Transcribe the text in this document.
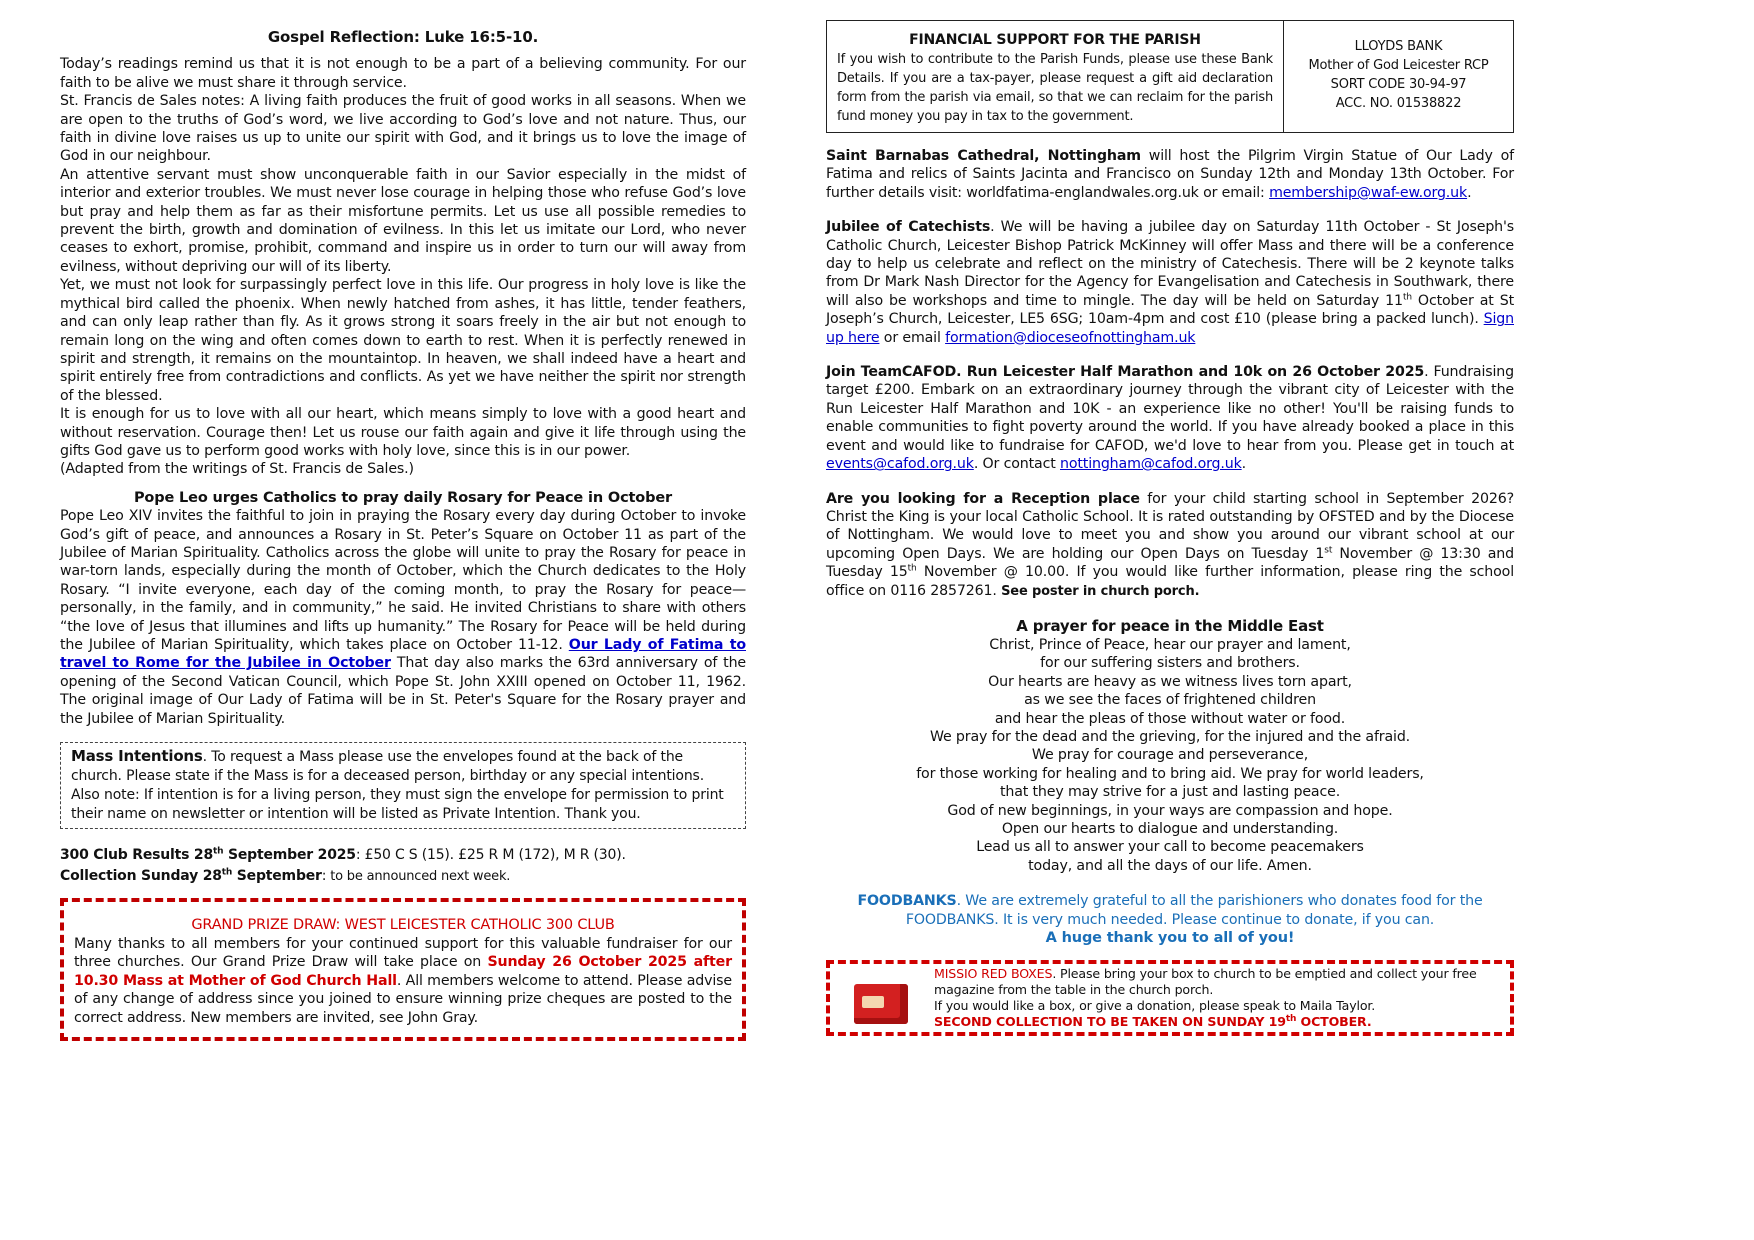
Gospel Reflection: Luke 16:5-10.

Today’s readings remind us that it is not enough to be a part of a believing community. For our faith to be alive we must share it through service.

St. Francis de Sales notes: A living faith produces the fruit of good works in all seasons. When we are open to the truths of God’s word, we live according to God’s love and not nature. Thus, our faith in divine love raises us up to unite our spirit with God, and it brings us to love the image of God in our neighbour.

An attentive servant must show unconquerable faith in our Savior especially in the midst of interior and exterior troubles. We must never lose courage in helping those who refuse God’s love but pray and help them as far as their misfortune permits. Let us use all possible remedies to prevent the birth, growth and domination of evilness. In this let us imitate our Lord, who never ceases to exhort, promise, prohibit, command and inspire us in order to turn our will away from evilness, without depriving our will of its liberty.

Yet, we must not look for surpassingly perfect love in this life. Our progress in holy love is like the mythical bird called the phoenix. When newly hatched from ashes, it has little, tender feathers, and can only leap rather than fly. As it grows strong it soars freely in the air but not enough to remain long on the wing and often comes down to earth to rest. When it is perfectly renewed in spirit and strength, it remains on the mountaintop. In heaven, we shall indeed have a heart and spirit entirely free from contradictions and conflicts. As yet we have neither the spirit nor strength of the blessed.

It is enough for us to love with all our heart, which means simply to love with a good heart and without reservation. Courage then! Let us rouse our faith again and give it life through using the gifts God gave us to perform good works with holy love, since this is in our power.

(Adapted from the writings of St. Francis de Sales.)

Pope Leo urges Catholics to pray daily Rosary for Peace in October

Pope Leo XIV invites the faithful to join in praying the Rosary every day during October to invoke God’s gift of peace, and announces a Rosary in St. Peter’s Square on October 11 as part of the Jubilee of Marian Spirituality. Catholics across the globe will unite to pray the Rosary for peace in war-torn lands, especially during the month of October, which the Church dedicates to the Holy Rosary. “I invite everyone, each day of the coming month, to pray the Rosary for peace—personally, in the family, and in community,” he said. He invited Christians to share with others “the love of Jesus that illumines and lifts up humanity.” The Rosary for Peace will be held during the Jubilee of Marian Spirituality, which takes place on October 11-12. Our Lady of Fatima to travel to Rome for the Jubilee in October That day also marks the 63rd anniversary of the opening of the Second Vatican Council, which Pope St. John XXIII opened on October 11, 1962. The original image of Our Lady of Fatima will be in St. Peter's Square for the Rosary prayer and the Jubilee of Marian Spirituality.

Mass Intentions. To request a Mass please use the envelopes found at the back of the church. Please state if the Mass is for a deceased person, birthday or any special intentions. Also note: If intention is for a living person, they must sign the envelope for permission to print their name on newsletter or intention will be listed as Private Intention. Thank you.
300 Club Results 28th September 2025: £50 C S (15). £25 R M (172), M R (30).
Collection Sunday 28th September: to be announced next week.

GRAND PRIZE DRAW: WEST LEICESTER CATHOLIC 300 CLUB

Many thanks to all members for your continued support for this valuable fundraiser for our three churches. Our Grand Prize Draw will take place on Sunday 26 October 2025 after 10.30 Mass at Mother of God Church Hall. All members welcome to attend. Please advise of any change of address since you joined to ensure winning prize cheques are posted to the correct address. New members are invited, see John Gray.

FINANCIAL SUPPORT FOR THE PARISH

If you wish to contribute to the Parish Funds, please use these Bank Details. If you are a tax-payer, please request a gift aid declaration form from the parish via email, so that we can reclaim for the parish fund money you pay in tax to the government.

LLOYDS BANK

Mother of God Leicester RCP

SORT CODE 30-94-97

ACC. NO. 01538822

Saint Barnabas Cathedral, Nottingham will host the Pilgrim Virgin Statue of Our Lady of Fatima and relics of Saints Jacinta and Francisco on Sunday 12th and Monday 13th October. For further details visit: worldfatima-englandwales.org.uk or email: membership@waf-ew.org.uk.

Jubilee of Catechists. We will be having a jubilee day on Saturday 11th October - St Joseph's Catholic Church, Leicester Bishop Patrick McKinney will offer Mass and there will be a conference day to help us celebrate and reflect on the ministry of Catechesis. There will be 2 keynote talks from Dr Mark Nash Director for the Agency for Evangelisation and Catechesis in Southwark, there will also be workshops and time to mingle. The day will be held on Saturday 11th October at St Joseph’s Church, Leicester, LE5 6SG; 10am-4pm and cost £10 (please bring a packed lunch). Sign up here or email formation@dioceseofnottingham.uk

Join TeamCAFOD. Run Leicester Half Marathon and 10k on 26 October 2025. Fundraising target £200. Embark on an extraordinary journey through the vibrant city of Leicester with the Run Leicester Half Marathon and 10K - an experience like no other! You'll be raising funds to enable communities to fight poverty around the world. If you have already booked a place in this event and would like to fundraise for CAFOD, we'd love to hear from you. Please get in touch at events@cafod.org.uk. Or contact nottingham@cafod.org.uk.

Are you looking for a Reception place for your child starting school in September 2026? Christ the King is your local Catholic School. It is rated outstanding by OFSTED and by the Diocese of Nottingham. We would love to meet you and show you around our vibrant school at our upcoming Open Days. We are holding our Open Days on Tuesday 1st November @ 13:30 and Tuesday 15th November @ 10.00. If you would like further information, please ring the school office on 0116 2857261. See poster in church porch.

A prayer for peace in the Middle East

Christ, Prince of Peace, hear our prayer and lament,

for our suffering sisters and brothers.

Our hearts are heavy as we witness lives torn apart,

as we see the faces of frightened children

and hear the pleas of those without water or food.

We pray for the dead and the grieving, for the injured and the afraid.

We pray for courage and perseverance,

for those working for healing and to bring aid. We pray for world leaders,

that they may strive for a just and lasting peace.

God of new beginnings, in your ways are compassion and hope.

Open our hearts to dialogue and understanding.

Lead us all to answer your call to become peacemakers

today, and all the days of our life. Amen.

FOODBANKS. We are extremely grateful to all the parishioners who donates food for the FOODBANKS. It is very much needed. Please continue to donate, if you can.

A huge thank you to all of you!

MISSIO RED BOXES. Please bring your box to church to be emptied and collect your free magazine from the table in the church porch.

If you would like a box, or give a donation, please speak to Maila Taylor.

SECOND COLLECTION TO BE TAKEN ON SUNDAY 19th OCTOBER.
